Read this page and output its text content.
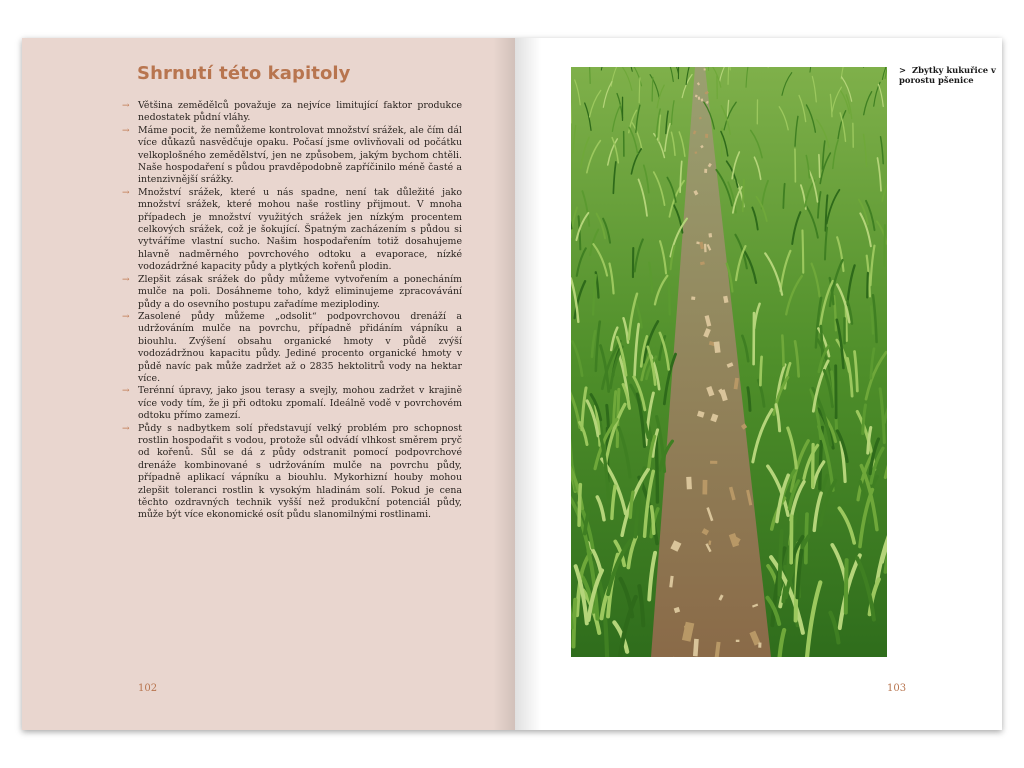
Shrnutí této kapitoly
→ Většina zemědělců považuje za nejvíce limitující faktor produkce nedostatek půdní vláhy.
→ Máme pocit, že nemůžeme kontrolovat množství srážek, ale čím dál více důkazů nasvědčuje opaku. Počasí jsme ovlivňovali od počátku velkoplošného zemědělství, jen ne způsobem, jakým bychom chtěli. Naše hospodaření s půdou pravděpodobně zapříčinilo méně časté a intenzivnější srážky.
→ Množství srážek, které u nás spadne, není tak důležité jako množství srážek, které mohou naše rostliny přijmout. V mnoha případech je množství využitých srážek jen nízkým procentem celkových srážek, což je šokující. Špatným zacházením s půdou si vytváříme vlastní sucho. Našim hospodařením totiž dosahujeme hlavně nadměrného povrchového odtoku a evaporace, nízké vodozádržné kapacity půdy a plytkých kořenů plodin.
→ Zlepšit zásak srážek do půdy můžeme vytvořením a ponecháním mulče na poli. Dosáhneme toho, když eliminujeme zpracovávání půdy a do osevního postupu zařadíme meziplodiny.
→ Zasolené půdy můžeme „odsolit“ podpovrchovou drenáží a udržováním mulče na povrchu, případně přidáním vápníku a biouhlu. Zvýšení obsahu organické hmoty v půdě zvýší vodozádržnou kapacitu půdy. Jediné procento organické hmoty v půdě navíc pak může zadržet až o 2835 hektolitrů vody na hektar více.
→ Terénní úpravy, jako jsou terasy a svejly, mohou zadržet v krajině více vody tím, že ji při odtoku zpomalí. Ideálně vodě v povrchovém odtoku přímo zamezí.
→ Půdy s nadbytkem solí představují velký problém pro schopnost rostlin hospodařit s vodou, protože sůl odvádí vlhkost směrem pryč od kořenů. Sůl se dá z půdy odstranit pomocí podpovrchové drenáže kombinované s udržováním mulče na povrchu půdy, případně aplikací vápníku a biouhlu. Mykorhizní houby mohou zlepšit toleranci rostlin k vysokým hladinám solí. Pokud je cena těchto ozdravných technik vyšší než produkční potenciál půdy, může být více ekonomické osít půdu slanomilnými rostlinami.
102
> Zbytky kukuřice v porostu pšenice
103
